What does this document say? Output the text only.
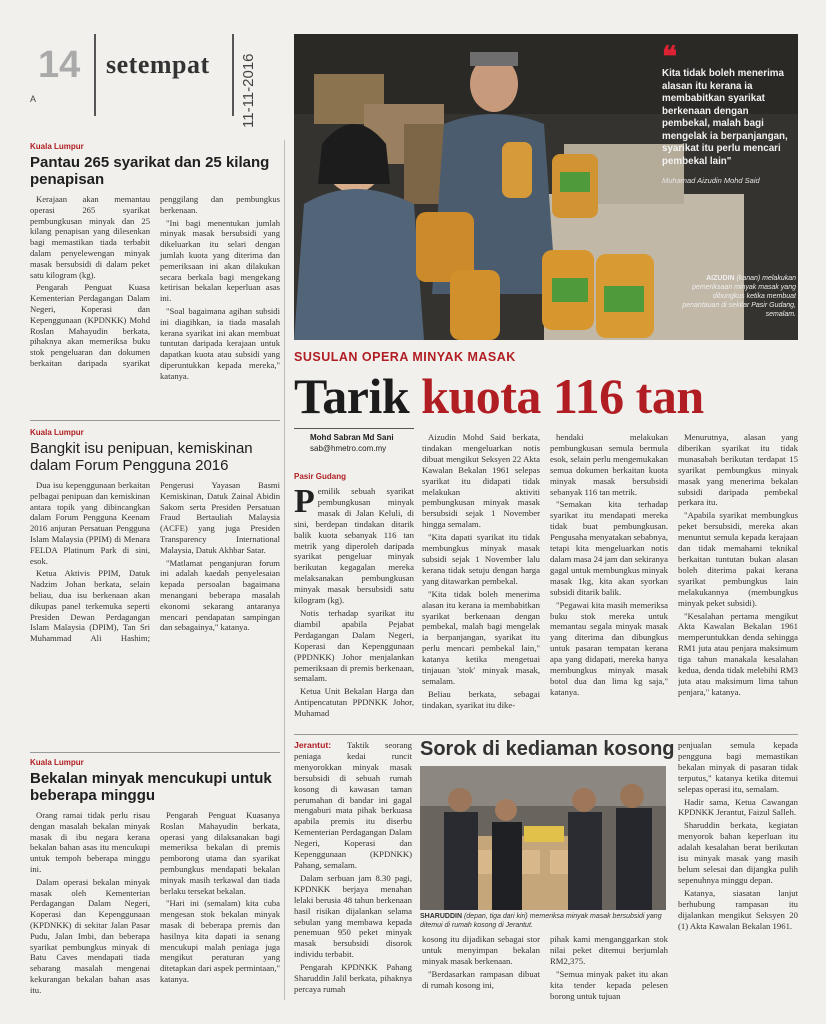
14 setempat 11-11-2016
A
Kuala Lumpur
Pantau 265 syarikat dan 25 kilang penapisan

Kerajaan akan memantau operasi 265 syarikat pembungkusan minyak dan 25 kilang penapisan yang dilesenkan bagi memastikan tiada terbabit dalam penyelewengan minyak masak bersubsidi di dalam peket satu kilogram (kg).

Pengarah Penguat Kuasa Kementerian Perdagangan Dalam Negeri, Koperasi dan Kepenggunaan (KPDNKK) Mohd Roslan Mahayudin berkata, pihaknya akan memeriksa buku stok pengeluaran dan dokumen berkaitan daripada syarikat penggilang dan pembungkus berkenaan.

"Ini bagi menentukan jumlah minyak masak bersubsidi yang dikeluarkan itu selari dengan jumlah kuota yang diterima dan pemeriksaan ini akan dilakukan secara berkala bagi mengekang ketirisan bekalan keperluan asas ini.

"Soal bagaimana agihan subsidi ini diagihkan, ia tiada masalah kerana syarikat ini akan membuat tuntutan daripada kerajaan untuk dapatkan kuota atau subsidi yang diperuntukkan kepada mereka," katanya.

Kuala Lumpur
Bangkit isu penipuan, kemiskinan dalam Forum Pengguna 2016

Dua isu kepenggunaan berkaitan pelbagai penipuan dan kemiskinan antara topik yang dibincangkan dalam Forum Pengguna Keenam 2016 anjuran Persatuan Pengguna Islam Malaysia (PPIM) di Menara FELDA Platinum Park di sini, esok.

Ketua Aktivis PPIM, Datuk Nadzim Johan berkata, selain beliau, dua isu berkenaan akan dikupas panel terkemuka seperti Presiden Dewan Perdagangan Islam Malaysia (DPIM), Tan Sri Muhammad Ali Hashim; Pengerusi Yayasan Basmi Kemiskinan, Datuk Zainal Abidin Sakom serta Presiden Persatuan Fraud Bertauliah Malaysia (ACFE) yang juga Presiden Transparency International Malaysia, Datuk Akhbar Satar.

"Matlamat penganjuran forum ini adalah kaedah penyelesaian kepada persoalan bagaimana menangani beberapa masalah ekonomi sekarang antaranya mencari pendapatan sampingan dan sebagainya," katanya.

Kuala Lumpur
Bekalan minyak mencukupi untuk beberapa minggu

Orang ramai tidak perlu risau dengan masalah bekalan minyak masak di ibu negara kerana bekalan bahan asas itu mencukupi untuk tempoh beberapa minggu ini.

Dalam operasi bekalan minyak masak oleh Kementerian Perdagangan Dalam Negeri, Koperasi dan Kepenggunaan (KPDNKK) di sekitar Jalan Pasar Pudu, Jalan Imbi, dan beberapa syarikat pembungkus minyak di Batu Caves mendapati tiada sebarang masalah mengenai kekurangan bekalan bahan asas itu.

Pengarah Penguat Kuasanya Roslan Mahayudin berkata, operasi yang dilaksanakan bagi memeriksa bekalan di premis pemborong utama dan syarikat pembungkus mendapati bekalan minyak masih terkawal dan tiada berlaku tersekat bekalan.

"Hari ini (semalam) kita cuba mengesan stok bekalan minyak masak di beberapa premis dan hasilnya kita dapati ia senang mencukupi malah peniaga juga mengikut peraturan yang ditetapkan dari aspek permintaan," katanya.

❝
Kita tidak boleh menerima alasan itu kerana ia membabitkan syarikat berkenaan dengan pembekal, malah bagi mengelak ia berpanjangan, syarikat itu perlu mencari pembekal lain"
Muhamad Aizudin Mohd Said
AIZUDIN (kanan) melakukan pemeriksaan minyak masak yang dibungkus ketika membuat penantauan di sekitar Pasir Gudang, semalam.
SUSULAN OPERA MINYAK MASAK
Tarik kuota 116 tan
Mohd Sabran Md Sani
sab@hmetro.com.my
Pasir Gudang
P emilik sebuah syarikat pembungkusan minyak masak di Jalan Keluli, di sini, berdepan tindakan ditarik balik kuota sebanyak 116 tan metrik yang diperoleh daripada syarikat pengeluar minyak berikutan kegagalan mereka melaksanakan pembungkusan minyak masak bersubsidi satu kilogram (kg).

Notis terhadap syarikat itu diambil apabila Pejabat Perdagangan Dalam Negeri, Koperasi dan Kepenggunaan (PPDNKK) Johor menjalankan pemeriksaan di premis berkenaan, semalam.

Ketua Unit Bekalan Harga dan Antipencatutan PPDNKK Johor, Muhamad

Aizudin Mohd Said berkata, tindakan mengeluarkan notis dibuat mengikut Seksyen 22 Akta Kawalan Bekalan 1961 selepas syarikat itu didapati tidak melakukan aktiviti pembungkusan minyak masak bersubsidi sejak 1 November hingga semalam.

"Kita dapati syarikat itu tidak membungkus minyak masak subsidi sejak 1 November lalu kerana tidak setuju dengan harga yang ditawarkan pembekal.

"Kita tidak boleh menerima alasan itu kerana ia membabitkan syarikat berkenaan dengan pembekal, malah bagi mengelak ia berpanjangan, syarikat itu perlu mencari pembekal lain," katanya ketika mengetuai tinjauan 'stok' minyak masak, semalam.

Beliau berkata, sebagai tindakan, syarikat itu dike-

hendaki melakukan pembungkusan semula bermula esok, selain perlu mengemukakan semua dokumen berkaitan kuota minyak masak bersubsidi sebanyak 116 tan metrik.

"Semakan kita terhadap syarikat itu mendapati mereka tidak buat pembungkusan. Pengusaha menyatakan sebabnya, tetapi kita mengeluarkan notis dalam masa 24 jam dan sekiranya gagal untuk membungkus minyak masak 1kg, kita akan syorkan subsidi ditarik balik.

"Pegawai kita masih memeriksa buku stok mereka untuk memantau segala minyak masak yang diterima dan dibungkus untuk pasaran tempatan kerana apa yang didapati, mereka hanya membungkus minyak masak botol dua dan lima kg saja," katanya.

Menurutnya, alasan yang diberikan syarikat itu tidak munasabah berikutan terdapat 15 syarikat pembungkus minyak masak yang menerima bekalan subsidi daripada pembekal perkara itu.

"Apabila syarikat membungkus peket bersubsidi, mereka akan menuntut semula kepada kerajaan dan tidak memahami teknikal berkaitan tuntutan bukan alasan boleh diterima pakai kerana syarikat pembungkus lain melakukannya (membungkus minyak peket subsidi).

"Kesalahan pertama mengikut Akta Kawalan Bekalan 1961 memperuntukkan denda sehingga RM1 juta atau penjara maksimum tiga tahun manakala kesalahan kedua, denda tidak melebihi RM3 juta atau maksimum lima tahun penjara," katanya.

Jerantut: Taktik seorang peniaga kedai runcit menyorokkan minyak masak bersubsidi di sebuah rumah kosong di kawasan taman perumahan di bandar ini gagal mengaburi mata pihak berkuasa apabila premis itu diserbu Kementerian Perdagangan Dalam Negeri, Koperasi dan Kepenggunaan (KPDNKK) Pahang, semalam.

Dalam serbuan jam 8.30 pagi, KPDNKK berjaya menahan lelaki berusia 48 tahun berkenaan hasil risikan dijalankan selama sebulan yang membawa kepada penemuan 950 peket minyak masak bersubsidi disorok individu terbabit.

Pengarah KPDNKK Pahang Sharuddin Jalil berkata, pihaknya percaya rumah

Sorok di kediaman kosong
SHARUDDIN (depan, tiga dari kiri) memeriksa minyak masak bersubsidi yang ditemui di rumah kosong di Jerantut.

kosong itu dijadikan sebagai stor untuk menyimpan bekalan minyak masak berkenaan.

"Berdasarkan rampasan dibuat di rumah kosong ini,

pihak kami menganggarkan stok nilai peket ditemui berjumlah RM2,375.

"Semua minyak paket itu akan kita tender kepada pelesen borong untuk tujuan

penjualan semula kepada pengguna bagi memastikan bekalan minyak di pasaran tidak terputus," katanya ketika ditemui selepas operasi itu, semalam.

Hadir sama, Ketua Cawangan KPDNKK Jerantut, Faizul Salleh.

Sharuddin berkata, kegiatan menyorok bahan keperluan itu adalah kesalahan berat berikutan isu minyak masak yang masih belum selesai dan dijangka pulih sepenuhnya minggu depan.

Katanya, siasatan lanjut berhubung rampasan itu dijalankan mengikut Seksyen 20 (1) Akta Kawalan Bekalan 1961.
